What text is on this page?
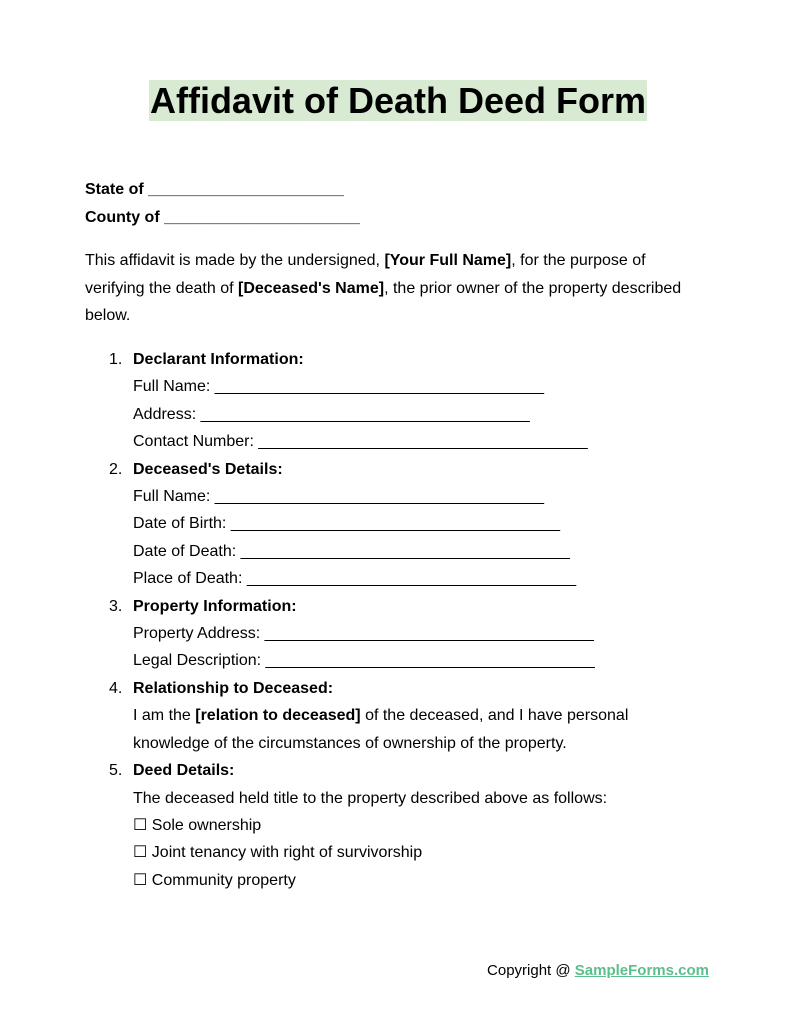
Affidavit of Death Deed Form
State of ______________________
County of ______________________
This affidavit is made by the undersigned, [Your Full Name], for the purpose of verifying the death of [Deceased's Name], the prior owner of the property described below.
1. Declarant Information:
Full Name: _____________________________________
Address: _____________________________________
Contact Number: _____________________________________
2. Deceased's Details:
Full Name: _____________________________________
Date of Birth: _____________________________________
Date of Death: _____________________________________
Place of Death: _____________________________________
3. Property Information:
Property Address: _____________________________________
Legal Description: _____________________________________
4. Relationship to Deceased:
I am the [relation to deceased] of the deceased, and I have personal knowledge of the circumstances of ownership of the property.
5. Deed Details:
The deceased held title to the property described above as follows:
☐ Sole ownership
☐ Joint tenancy with right of survivorship
☐ Community property
Copyright @ SampleForms.com
